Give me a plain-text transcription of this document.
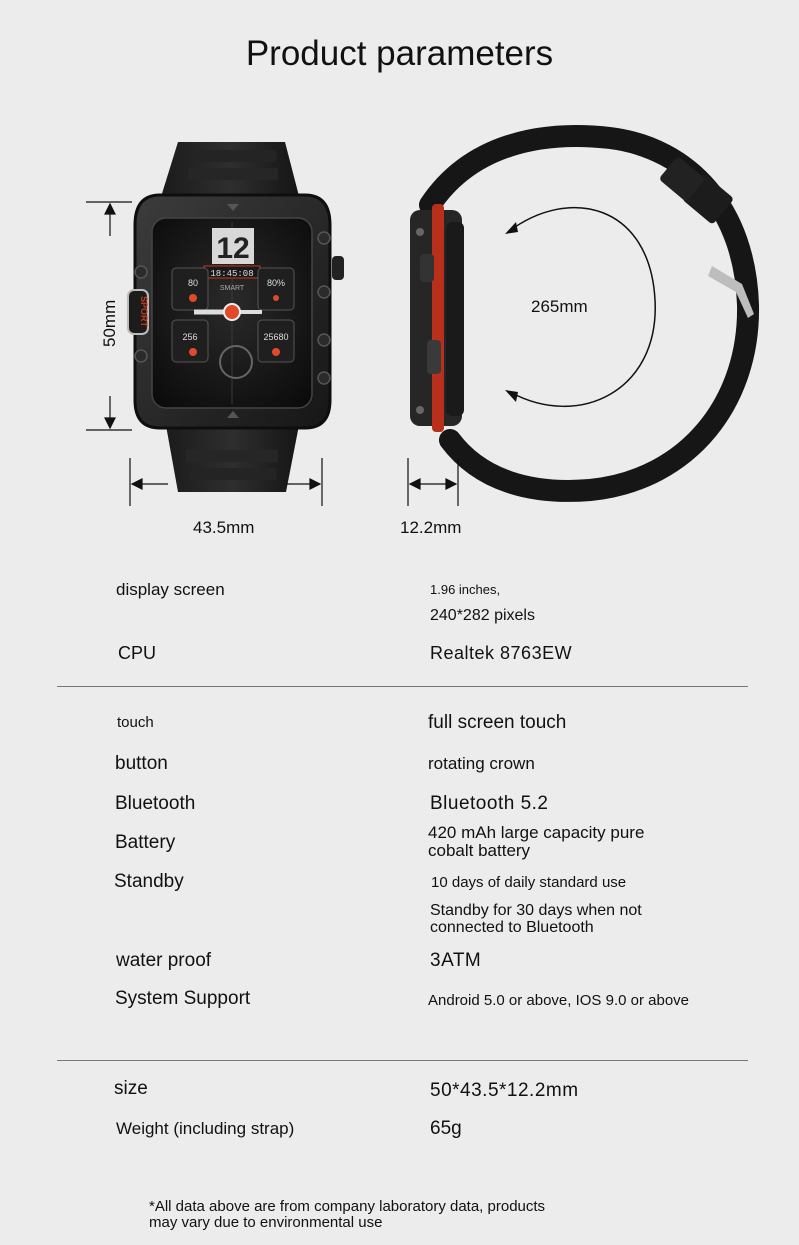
Product parameters
12
18:45:08
SMART
80	80%
256	25680
SPORT
50mm
43.5mm	12.2mm
265mm
display screen	1.96 inches,
240*282 pixels
CPU	Realtek 8763EW
touch	full screen touch
button	rotating crown
Bluetooth	Bluetooth 5.2
Battery	420 mAh large capacity pure
cobalt battery
Standby	10 days of daily standard use
Standby for 30 days when not
connected to Bluetooth
water proof	3ATM
System Support	Android 5.0 or above, IOS 9.0 or above
size	50*43.5*12.2mm
Weight (including strap)	65g
*All data above are from company laboratory data, products
may vary due to environmental use
